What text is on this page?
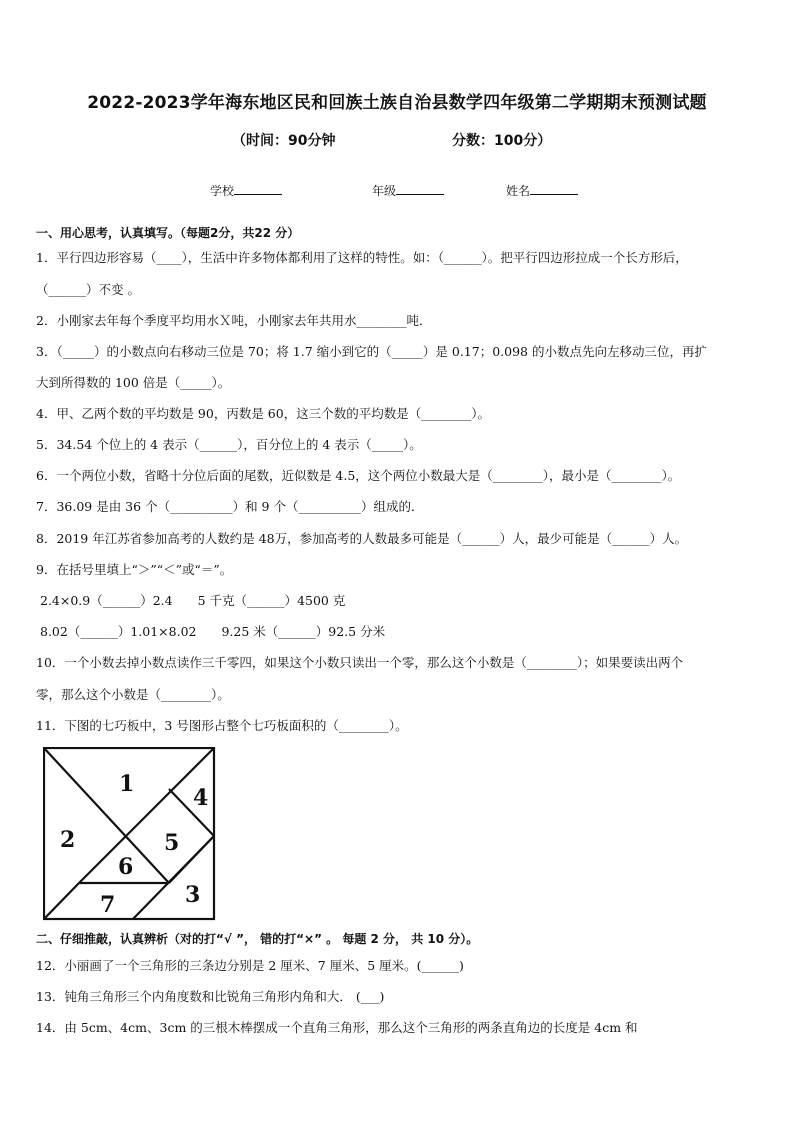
2022-2023学年海东地区民和回族土族自治县数学四年级第二学期期末预测试题
（时间：90分钟	分数：100分）
学校	年级	姓名
一、用心思考，认真填写。（每题2分，共22 分）
1．平行四边形容易（____），生活中许多物体都利用了这样的特性。如：（______）。把平行四边形拉成一个长方形后，
（______）不变 。
2．小刚家去年每个季度平均用水Ｘ吨，小刚家去年共用水________吨．
3．（_____）的小数点向右移动三位是 70；将 1.7 缩小到它的（_____）是 0.17；0.098 的小数点先向左移动三位，再扩
大到所得数的 100 倍是（_____）。
4．甲、乙两个数的平均数是 90，丙数是 60，这三个数的平均数是（________）。
5．34.54 个位上的 4 表示（______），百分位上的 4 表示（_____）。
6．一个两位小数，省略十分位后面的尾数，近似数是 4.5，这个两位小数最大是（________），最小是（________）。
7．36.09 是由 36 个（__________）和 9 个（__________）组成的．
8．2019 年江苏省参加高考的人数约是 48万，参加高考的人数最多可能是（______）人，最少可能是（______）人。
9．在括号里填上“＞”“＜”或“＝”。
2.4×0.9（______）2.4　　5 千克（______）4500 克
8.02（______）1.01×8.02　　9.25 米（______）92.5 分米
10．一个小数去掉小数点读作三千零四，如果这个小数只读出一个零，那么这个小数是（________）；如果要读出两个
零，那么这个小数是（________）。
11．下图的七巧板中，3 号图形占整个七巧板面积的（________）。
1
2
3
4
5
6
7
二、仔细推敲，认真辨析（对的打“√ ”， 错的打“×” 。 每题 2 分， 共 10 分）。
12．小丽画了一个三角形的三条边分别是 2 厘米、7 厘米、5 厘米。(______)
13．钝角三角形三个内角度数和比锐角三角形内角和大． (___)
14．由 5cm、4cm、3cm 的三根木棒摆成一个直角三角形，那么这个三角形的两条直角边的长度是 4cm 和
